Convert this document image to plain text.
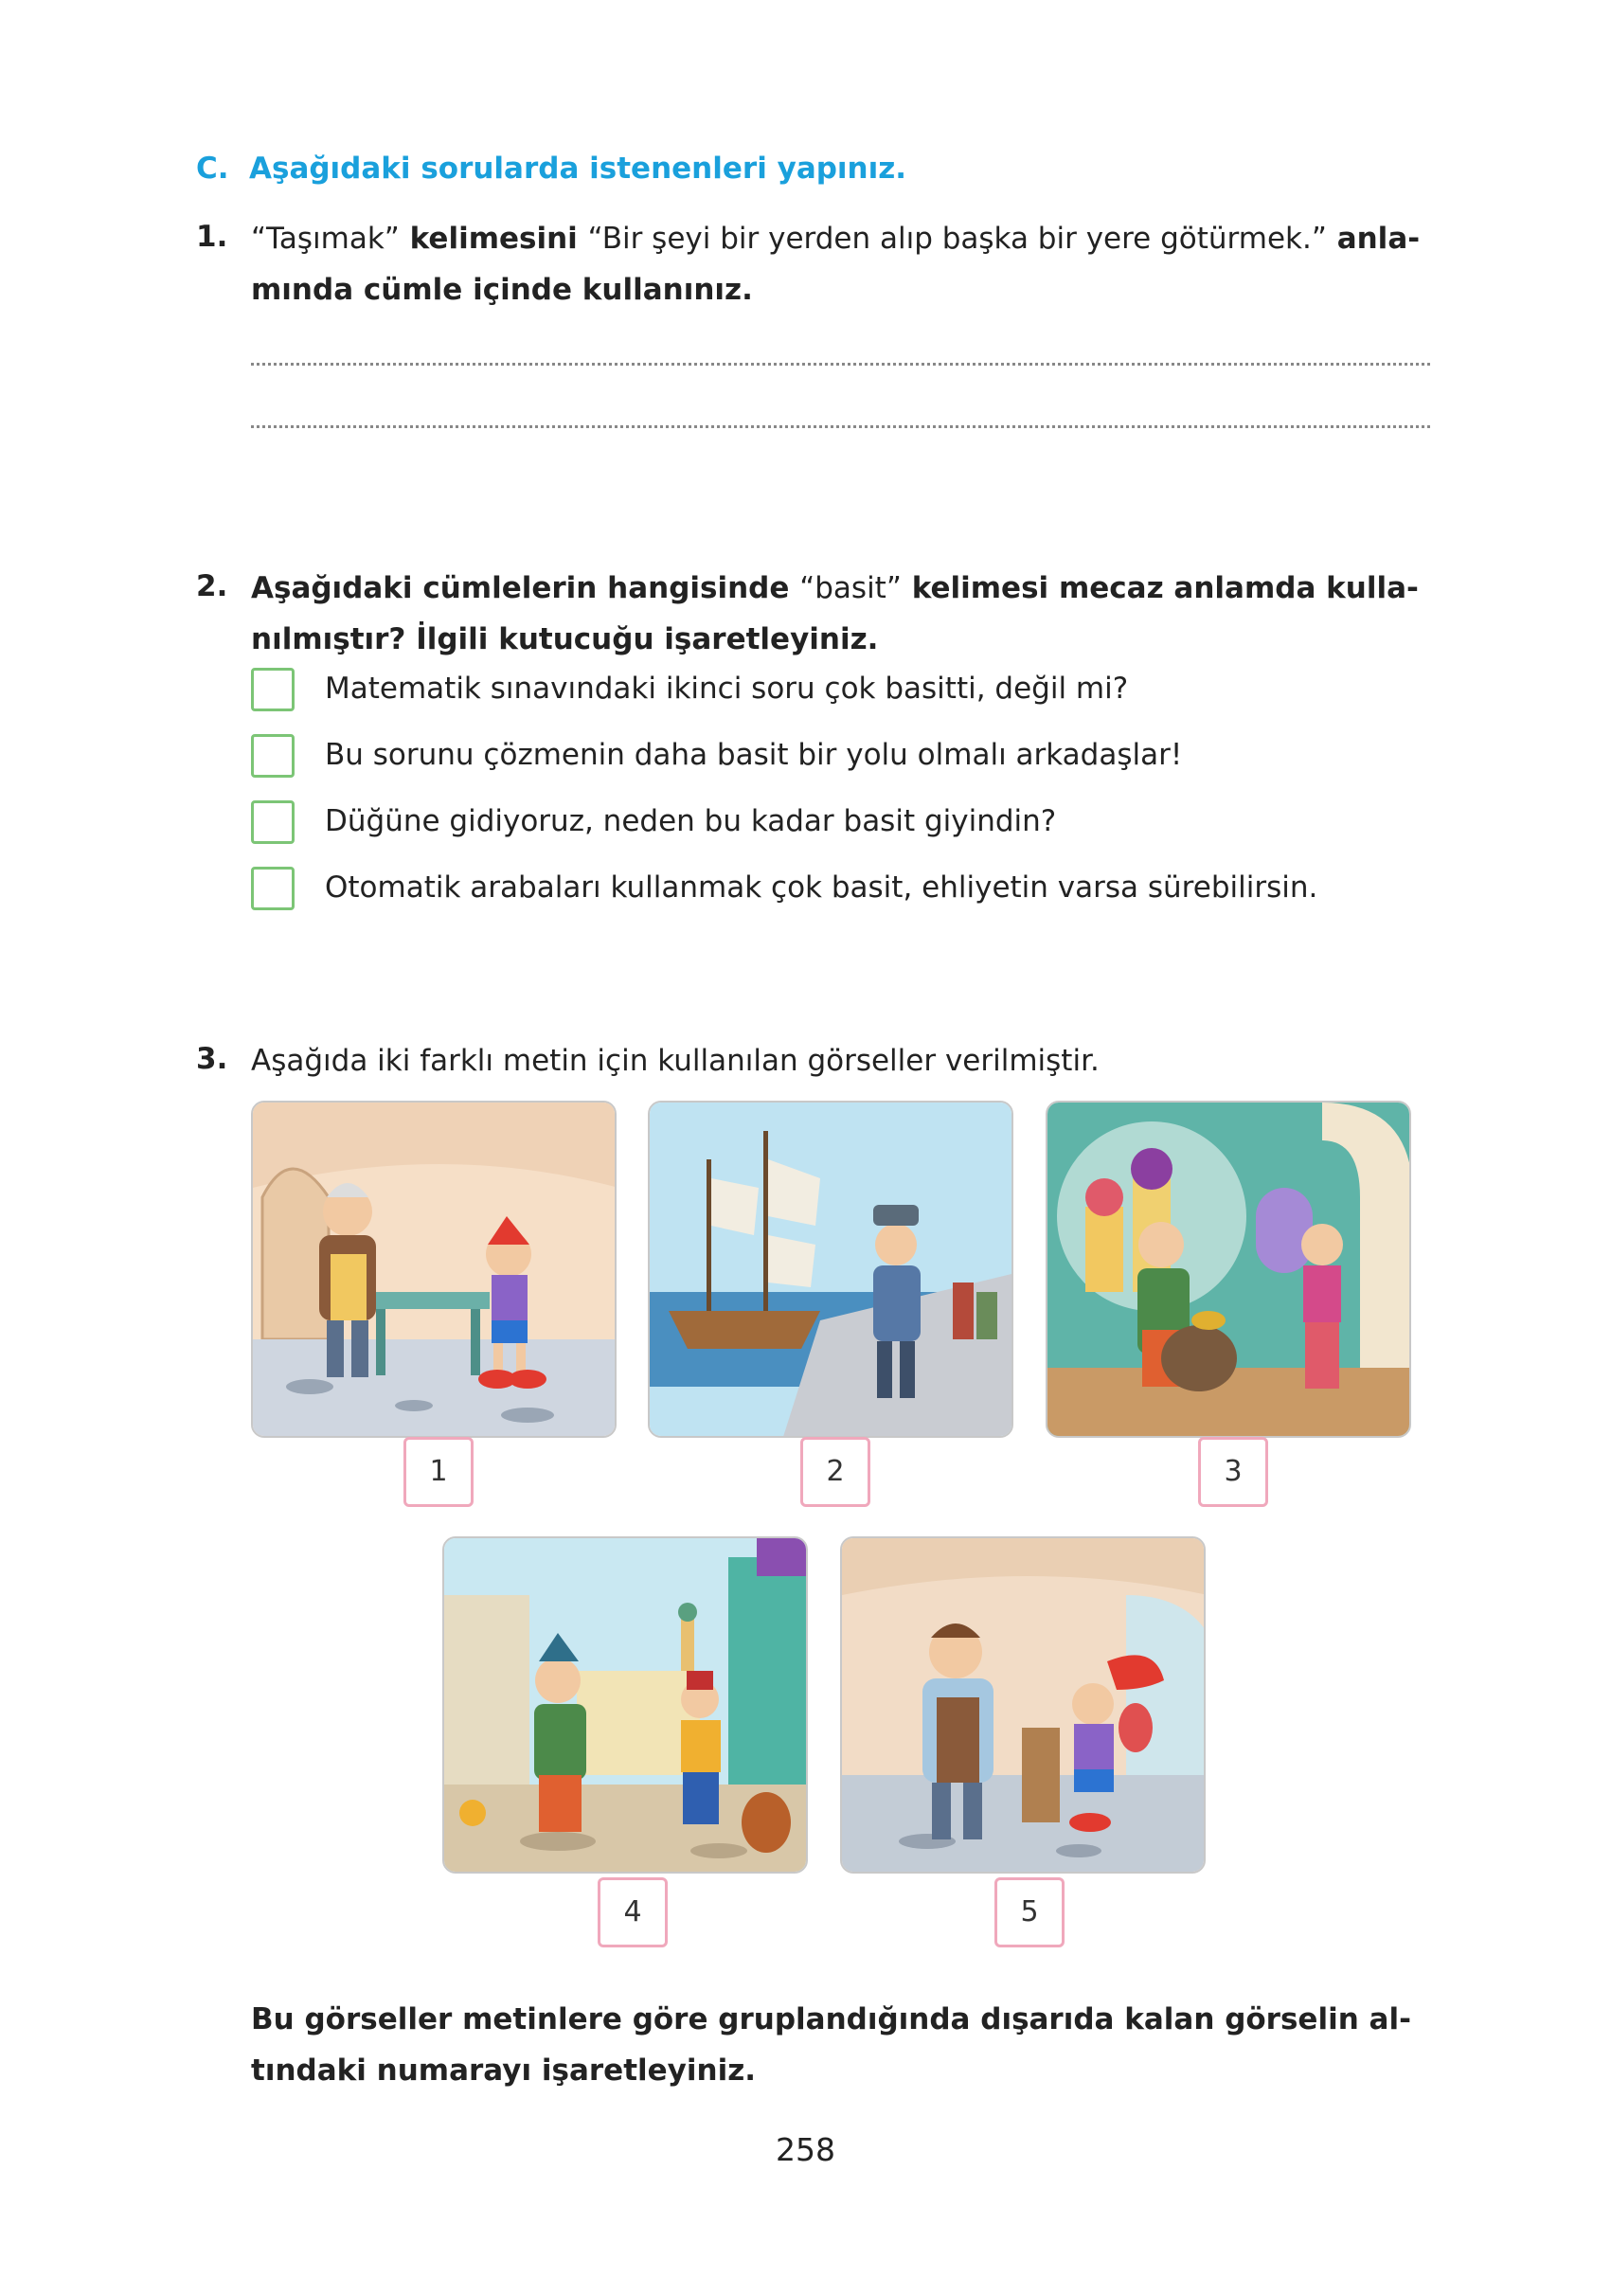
C. Aşağıdaki sorularda istenenleri yapınız.
1. “Taşımak” kelimesini “Bir şeyi bir yerden alıp başka bir yere götürmek.” anla-
mında cümle içinde kullanınız.
2. Aşağıdaki cümlelerin hangisinde “basit” kelimesi mecaz anlamda kulla-
nılmıştır? İlgili kutucuğu işaretleyiniz.
Matematik sınavındaki ikinci soru çok basitti, değil mi?
Bu sorunu çözmenin daha basit bir yolu olmalı arkadaşlar!
Düğüne gidiyoruz, neden bu kadar basit giyindin?
Otomatik arabaları kullanmak çok basit, ehliyetin varsa sürebilirsin.
3. Aşağıda iki farklı metin için kullanılan görseller verilmiştir.
1	2	3
4	5
Bu görseller metinlere göre gruplandığında dışarıda kalan görselin al-
tındaki numarayı işaretleyiniz.
258
